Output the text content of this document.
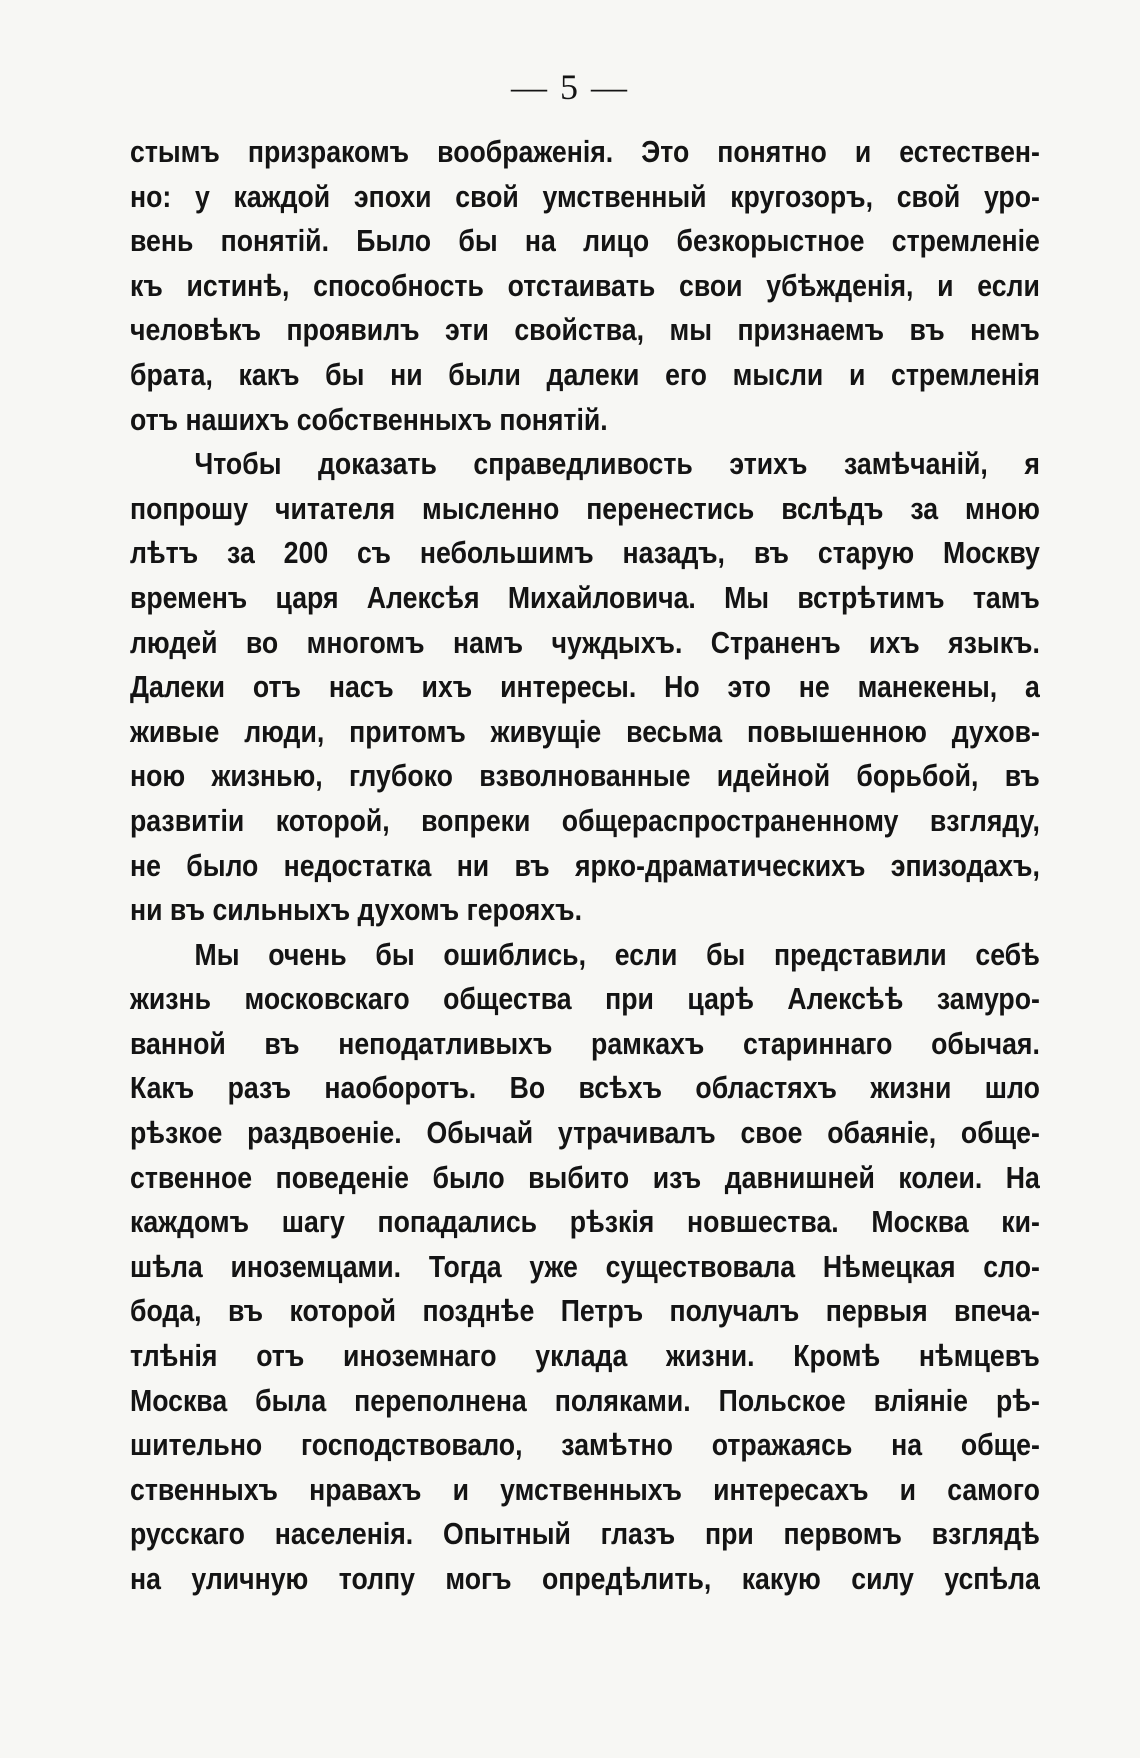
— 5 —
стымъ призракомъ воображенія. Это понятно и естествен-
но: у каждой эпохи свой умственный кругозоръ, свой уро-
вень понятій. Было бы на лицо безкорыстное стремленіе
къ истинѣ, способность отстаивать свои убѣжденія, и если
человѣкъ проявилъ эти свойства, мы признаемъ въ немъ
брата, какъ бы ни были далеки его мысли и стремленія
отъ нашихъ собственныхъ понятій.
Чтобы доказать справедливость этихъ замѣчаній, я
попрошу читателя мысленно перенестись вслѣдъ за мною
лѣтъ за 200 съ небольшимъ назадъ, въ старую Москву
временъ царя Алексѣя Михайловича. Мы встрѣтимъ тамъ
людей во многомъ намъ чуждыхъ. Страненъ ихъ языкъ.
Далеки отъ насъ ихъ интересы. Но это не манекены, а
живые люди, притомъ живущіе весьма повышенною духов-
ною жизнью, глубоко взволнованные идейной борьбой, въ
развитіи которой, вопреки общераспространенному взгляду,
не было недостатка ни въ ярко-драматическихъ эпизодахъ,
ни въ сильныхъ духомъ герояхъ.
Мы очень бы ошиблись, если бы представили себѣ
жизнь московскаго общества при царѣ Алексѣѣ замуро-
ванной въ неподатливыхъ рамкахъ стариннаго обычая.
Какъ разъ наоборотъ. Во всѣхъ областяхъ жизни шло
рѣзкое раздвоеніе. Обычай утрачивалъ свое обаяніе, обще-
ственное поведеніе было выбито изъ давнишней колеи. На
каждомъ шагу попадались рѣзкія новшества. Москва ки-
шѣла иноземцами. Тогда уже существовала Нѣмецкая сло-
бода, въ которой позднѣе Петръ получалъ первыя впеча-
тлѣнія отъ иноземнаго уклада жизни. Кромѣ нѣмцевъ
Москва была переполнена поляками. Польское вліяніе рѣ-
шительно господствовало, замѣтно отражаясь на обще-
ственныхъ нравахъ и умственныхъ интересахъ и самого
русскаго населенія. Опытный глазъ при первомъ взглядѣ
на уличную толпу могъ опредѣлить, какую силу успѣла
